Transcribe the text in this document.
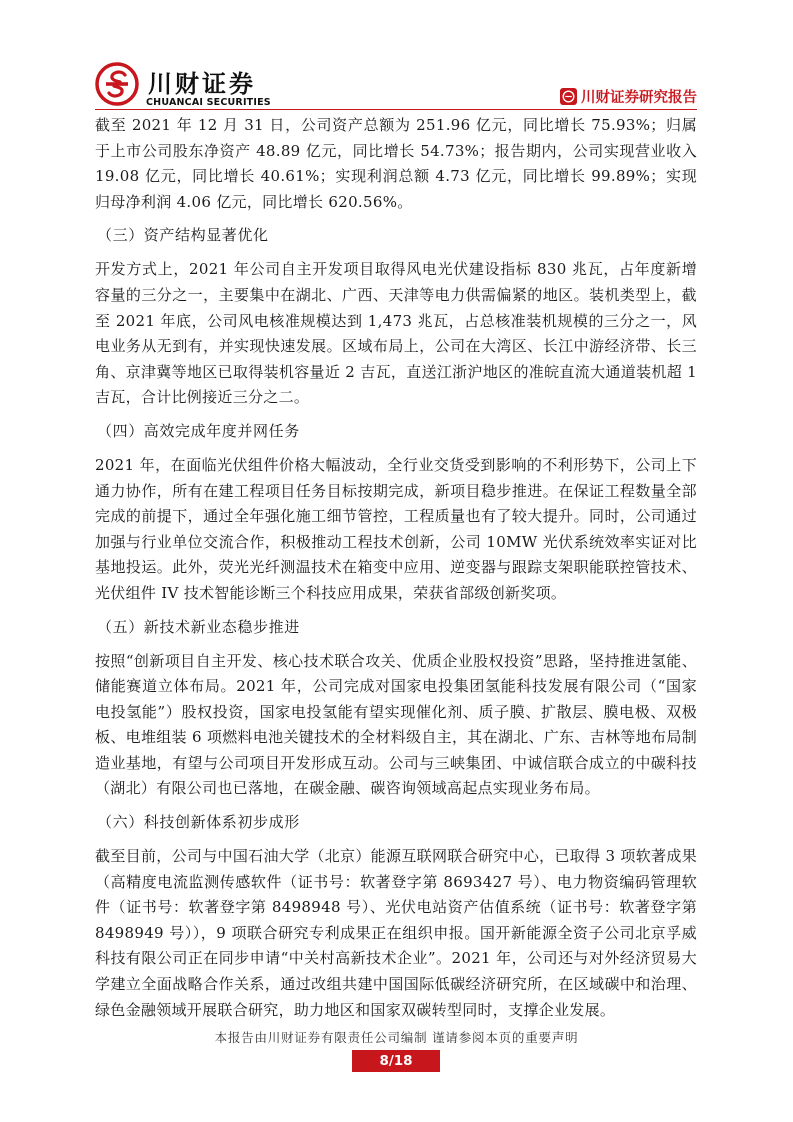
川财证券
CHUANCAI SECURITIES	川财证券研究报告

截至 2021 年 12 月 31 日，公司资产总额为 251.96 亿元，同比增长 75.93%；归属于上市公司股东净资产 48.89 亿元，同比增长 54.73%；报告期内，公司实现营业收入 19.08 亿元，同比增长 40.61%；实现利润总额 4.73 亿元，同比增长 99.89%；实现归母净利润 4.06 亿元，同比增长 620.56%。

（三）资产结构显著优化

开发方式上，2021 年公司自主开发项目取得风电光伏建设指标 830 兆瓦，占年度新增容量的三分之一，主要集中在湖北、广西、天津等电力供需偏紧的地区。装机类型上，截至 2021 年底，公司风电核准规模达到 1,473 兆瓦，占总核准装机规模的三分之一，风电业务从无到有，并实现快速发展。区域布局上，公司在大湾区、长江中游经济带、长三角、京津冀等地区已取得装机容量近 2 吉瓦，直送江浙沪地区的准皖直流大通道装机超 1 吉瓦，合计比例接近三分之二。

（四）高效完成年度并网任务

2021 年，在面临光伏组件价格大幅波动，全行业交货受到影响的不利形势下，公司上下通力协作，所有在建工程项目任务目标按期完成，新项目稳步推进。在保证工程数量全部完成的前提下，通过全年强化施工细节管控，工程质量也有了较大提升。同时，公司通过加强与行业单位交流合作，积极推动工程技术创新，公司 10MW 光伏系统效率实证对比基地投运。此外，荧光光纤测温技术在箱变中应用、逆变器与跟踪支架职能联控管技术、光伏组件 IV 技术智能诊断三个科技应用成果，荣获省部级创新奖项。

（五）新技术新业态稳步推进

按照“创新项目自主开发、核心技术联合攻关、优质企业股权投资”思路，坚持推进氢能、储能赛道立体布局。2021 年，公司完成对国家电投集团氢能科技发展有限公司（“国家电投氢能”）股权投资，国家电投氢能有望实现催化剂、质子膜、扩散层、膜电极、双极板、电堆组装 6 项燃料电池关键技术的全材料级自主，其在湖北、广东、吉林等地布局制造业基地，有望与公司项目开发形成互动。公司与三峡集团、中诚信联合成立的中碳科技（湖北）有限公司也已落地，在碳金融、碳咨询领域高起点实现业务布局。

（六）科技创新体系初步成形

截至目前，公司与中国石油大学（北京）能源互联网联合研究中心，已取得 3 项软著成果（高精度电流监测传感软件（证书号：软著登字第 8693427 号）、电力物资编码管理软件（证书号：软著登字第 8498948 号）、光伏电站资产估值系统（证书号：软著登字第 8498949 号）），9 项联合研究专利成果正在组织申报。国开新能源全资子公司北京孚威科技有限公司正在同步申请“中关村高新技术企业”。2021 年，公司还与对外经济贸易大学建立全面战略合作关系，通过改组共建中国国际低碳经济研究所，在区域碳中和治理、绿色金融领域开展联合研究，助力地区和国家双碳转型同时，支撑企业发展。

本报告由川财证券有限责任公司编制 谨请参阅本页的重要声明
8/18
